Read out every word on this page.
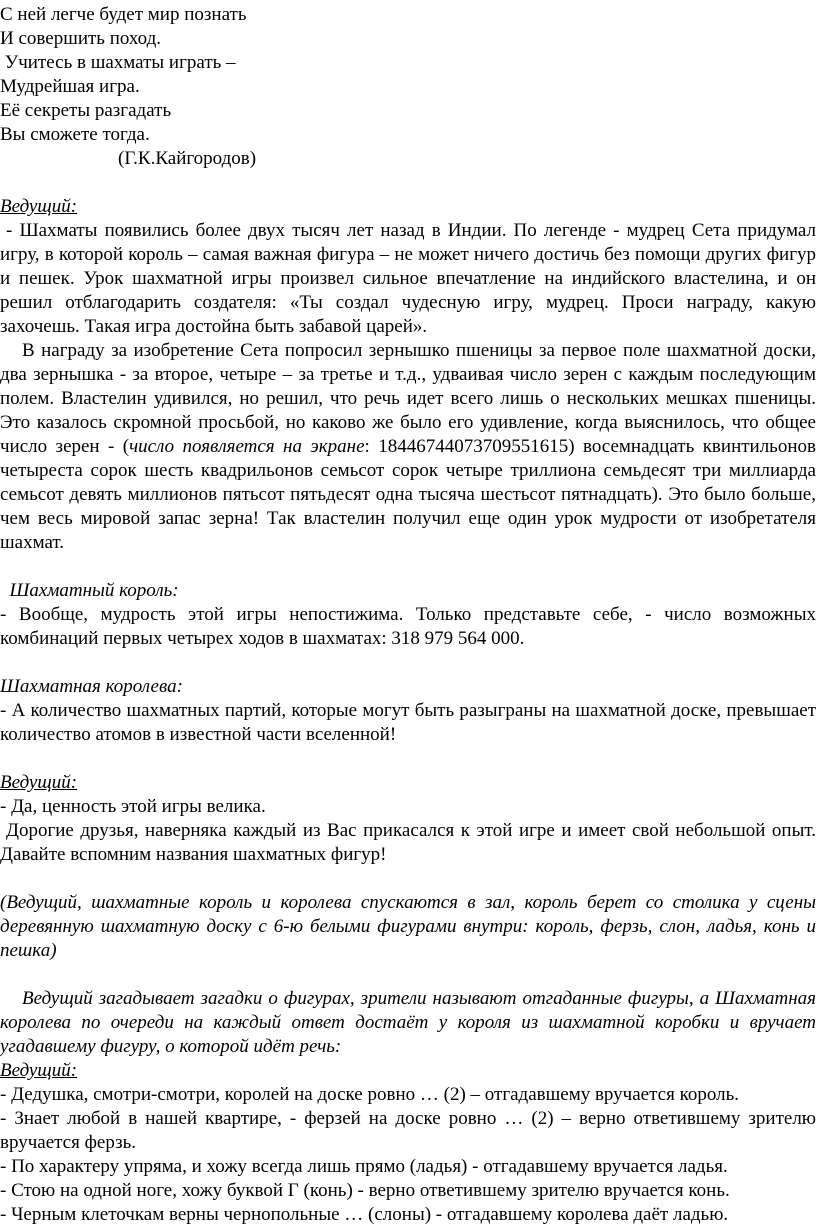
С ней легче будет мир познать
И совершить поход.
Учитесь в шахматы играть –
Мудрейшая игра.
Её секреты разгадать
Вы сможете тогда.
(Г.К.Кайгородов)
Ведущий:

- Шахматы появились более двух тысяч лет назад в Индии. По легенде - мудрец Сета придумал игру, в которой король – самая важная фигура – не может ничего достичь без помощи других фигур и пешек. Урок шахматной игры произвел сильное впечатление на индийского властелина, и он решил отблагодарить создателя: «Ты создал чудесную игру, мудрец. Проси награду, какую захочешь. Такая игра достойна быть забавой царей».

В награду за изобретение Сета попросил зернышко пшеницы за первое поле шахматной доски, два зернышка - за второе, четыре – за третье и т.д., удваивая число зерен с каждым последующим полем. Властелин удивился, но решил, что речь идет всего лишь о нескольких мешках пшеницы. Это казалось скромной просьбой, но каково же было его удивление, когда выяснилось, что общее число зерен - (число появляется на экране: 18446744073709551615) восемнадцать квинтильонов четыреста сорок шесть квадрильонов семьсот сорок четыре триллиона семьдесят три миллиарда семьсот девять миллионов пятьсот пятьдесят одна тысяча шестьсот пятнадцать). Это было больше, чем весь мировой запас зерна! Так властелин получил еще один урок мудрости от изобретателя шахмат.

Шахматный король:

- Вообще, мудрость этой игры непостижима. Только представьте себе, - число возможных комбинаций первых четырех ходов в шахматах: 318 979 564 000.

Шахматная королева:

- А количество шахматных партий, которые могут быть разыграны на шахматной доске, превышает количество атомов в известной части вселенной!

Ведущий:

- Да, ценность этой игры велика.

Дорогие друзья, наверняка каждый из Вас прикасался к этой игре и имеет свой небольшой опыт. Давайте вспомним названия шахматных фигур!

(Ведущий, шахматные король и королева спускаются в зал, король берет со столика у сцены деревянную шахматную доску с 6-ю белыми фигурами внутри: король, ферзь, слон, ладья, конь и пешка)

Ведущий загадывает загадки о фигурах, зрители называют отгаданные фигуры, а Шахматная королева по очереди на каждый ответ достаёт у короля из шахматной коробки и вручает угадавшему фигуру, о которой идёт речь:

Ведущий:

- Дедушка, смотри-смотри, королей на доске ровно … (2) – отгадавшему вручается король.

- Знает любой в нашей квартире, - ферзей на доске ровно … (2) – верно ответившему зрителю вручается ферзь.

- По характеру упряма, и хожу всегда лишь прямо (ладья) - отгадавшему вручается ладья.

- Стою на одной ноге, хожу буквой Г (конь) - верно ответившему зрителю вручается конь.

- Черным клеточкам верны чернопольные … (слоны) - отгадавшему королева даёт ладью.
